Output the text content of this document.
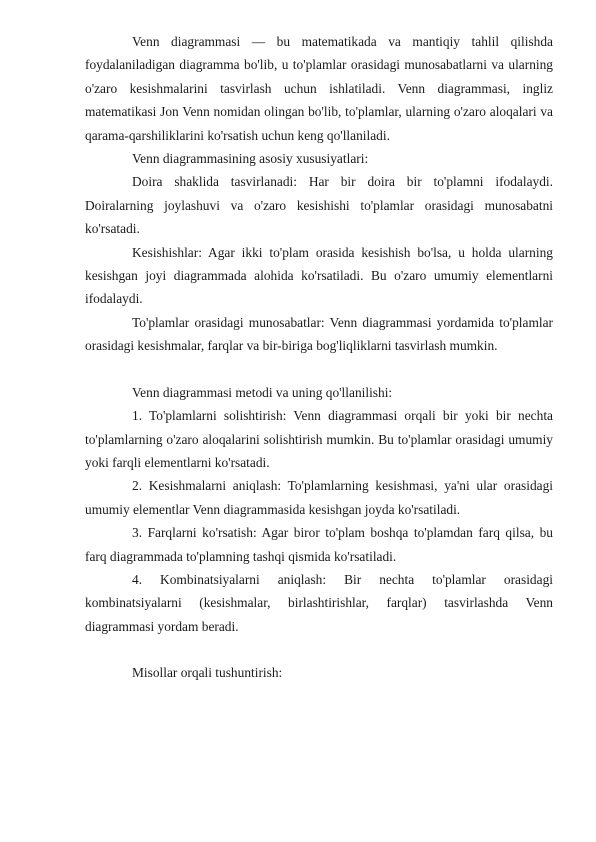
Venn diagrammasi — bu matematikada va mantiqiy tahlil qilishda foydalaniladigan diagramma bo'lib, u to'plamlar orasidagi munosabatlarni va ularning o'zaro kesishmalarini tasvirlash uchun ishlatiladi. Venn diagrammasi, ingliz matematikasi Jon Venn nomidan olingan bo'lib, to'plamlar, ularning o'zaro aloqalari va qarama-qarshiliklarini ko'rsatish uchun keng qo'llaniladi.

Venn diagrammasining asosiy xususiyatlari:

Doira shaklida tasvirlanadi: Har bir doira bir to'plamni ifodalaydi. Doiralarning joylashuvi va o'zaro kesishishi to'plamlar orasidagi munosabatni ko'rsatadi.

Kesishishlar: Agar ikki to'plam orasida kesishish bo'lsa, u holda ularning kesishgan joyi diagrammada alohida ko'rsatiladi. Bu o'zaro umumiy elementlarni ifodalaydi.

To'plamlar orasidagi munosabatlar: Venn diagrammasi yordamida to'plamlar orasidagi kesishmalar, farqlar va bir-biriga bog'liqliklarni tasvirlash mumkin.

Venn diagrammasi metodi va uning qo'llanilishi:

1. To'plamlarni solishtirish: Venn diagrammasi orqali bir yoki bir nechta to'plamlarning o'zaro aloqalarini solishtirish mumkin. Bu to'plamlar orasidagi umumiy yoki farqli elementlarni ko'rsatadi.

2. Kesishmalarni aniqlash: To'plamlarning kesishmasi, ya'ni ular orasidagi umumiy elementlar Venn diagrammasida kesishgan joyda ko'rsatiladi.

3. Farqlarni ko'rsatish: Agar biror to'plam boshqa to'plamdan farq qilsa, bu farq diagrammada to'plamning tashqi qismida ko'rsatiladi.

4. Kombinatsiyalarni aniqlash: Bir nechta to'plamlar orasidagi kombinatsiyalarni (kesishmalar, birlashtirishlar, farqlar) tasvirlashda Venn diagrammasi yordam beradi.

Misollar orqali tushuntirish:
